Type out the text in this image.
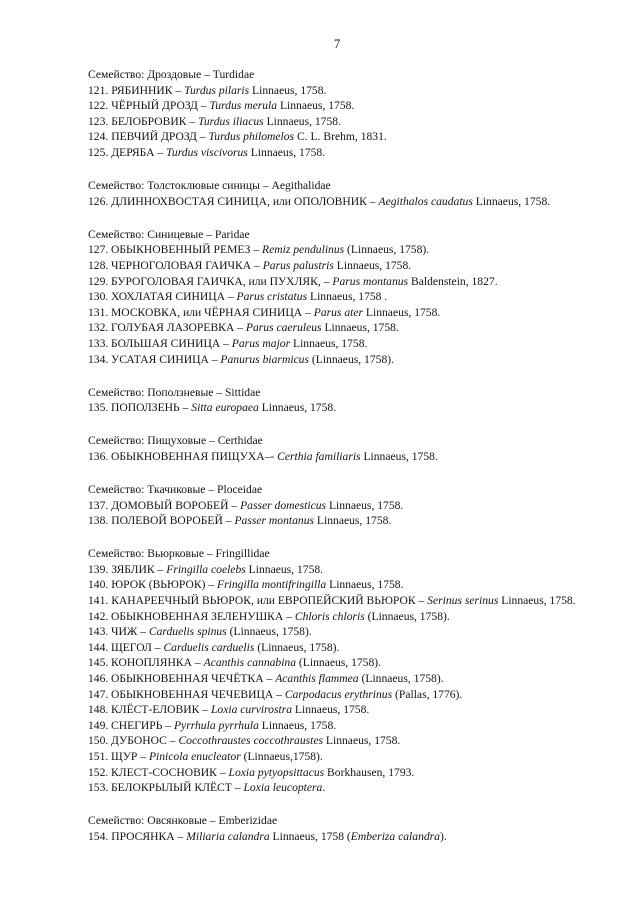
7
Семейство: Дроздовые – Turdidae
121. РЯБИННИК – Turdus pilaris Linnaeus, 1758.
122. ЧЁРНЫЙ ДРОЗД – Turdus merula Linnaeus, 1758.
123. БЕЛОБРОВИК – Turdus iliacus Linnaeus, 1758.
124. ПЕВЧИЙ ДРОЗД – Turdus philomelos C. L. Brehm, 1831.
125. ДЕРЯБА – Turdus viscivorus Linnaeus, 1758.
Семейство: Толстоклювые синицы – Aegithalidae
126. ДЛИННОХВОСТАЯ СИНИЦА, или ОПОЛОВНИК – Aegithalos caudatus Linnaeus, 1758.
Семейство: Синицевые – Paridae
127. ОБЫКНОВЕННЫЙ РЕМЕЗ – Remiz pendulinus (Linnaeus, 1758).
128. ЧЕРНОГОЛОВАЯ ГАИЧКА – Parus palustris Linnaeus, 1758.
129. БУРОГОЛОВАЯ ГАИЧКА, или ПУХЛЯК, – Parus montanus Baldenstein, 1827.
130. ХОХЛАТАЯ СИНИЦА – Parus cristatus Linnaeus, 1758 .
131. МОСКОВКА, или ЧЁРНАЯ СИНИЦА – Parus ater Linnaeus, 1758.
132. ГОЛУБАЯ ЛАЗОРЕВКА – Parus caeruleus Linnaeus, 1758.
133. БОЛЬШАЯ СИНИЦА – Parus major Linnaeus, 1758.
134. УСАТАЯ СИНИЦА – Panurus biarmicus (Linnaeus, 1758).
Семейство: Поползневые – Sittidae
135. ПОПОЛЗЕНЬ – Sitta europaea Linnaeus, 1758.
Семейство: Пищуховые – Certhidae
136. ОБЫКНОВЕННАЯ ПИЩУХА–- Certhia familiaris Linnaeus, 1758.
Семейство: Ткачиковые – Ploceidae
137. ДОМОВЫЙ ВОРОБЕЙ – Passer domesticus Linnaeus, 1758.
138. ПОЛЕВОЙ ВОРОБЕЙ – Passer montanus Linnaeus, 1758.
Семейство: Вьюрковые – Fringillidae
139. ЗЯБЛИК – Fringilla coelebs Linnaeus, 1758.
140. ЮРОК (ВЬЮРОК) – Fringilla montifringilla Linnaeus, 1758.
141. КАНАРЕЕЧНЫЙ ВЬЮРОК, или ЕВРОПЕЙСКИЙ ВЬЮРОК – Serinus serinus Linnaeus, 1758.
142. ОБЫКНОВЕННАЯ ЗЕЛЕНУШКА – Chloris chloris (Linnaeus, 1758).
143. ЧИЖ – Carduelis spinus (Linnaeus, 1758).
144. ЩЕГОЛ – Carduelis carduelis (Linnaeus, 1758).
145. КОНОПЛЯНКА – Acanthis cannabina (Linnaeus, 1758).
146. ОБЫКНОВЕННАЯ ЧЕЧЁТКА – Acanthis flammea (Linnaeus, 1758).
147. ОБЫКНОВЕННАЯ ЧЕЧЕВИЦА – Carpodacus erythrinus (Pallas, 1776).
148. КЛЁСТ-ЕЛОВИК – Loxia curvirostra Linnaeus, 1758.
149. СНЕГИРЬ – Pyrrhula pyrrhula Linnaeus, 1758.
150. ДУБОНОС – Coccothraustes coccothraustes Linnaeus, 1758.
151. ЩУР – Pinicola enucleator (Linnaeus,1758).
152. КЛЕСТ-СОСНОВИК – Loxia pytyopsittacus Borkhausen, 1793.
153. БЕЛОКРЫЛЫЙ КЛЁСТ – Loxia leucoptera.
Семейство: Овсянковые – Emberizidae
154. ПРОСЯНКА – Miliaria calandra Linnaeus, 1758 (Emberiza calandra).
